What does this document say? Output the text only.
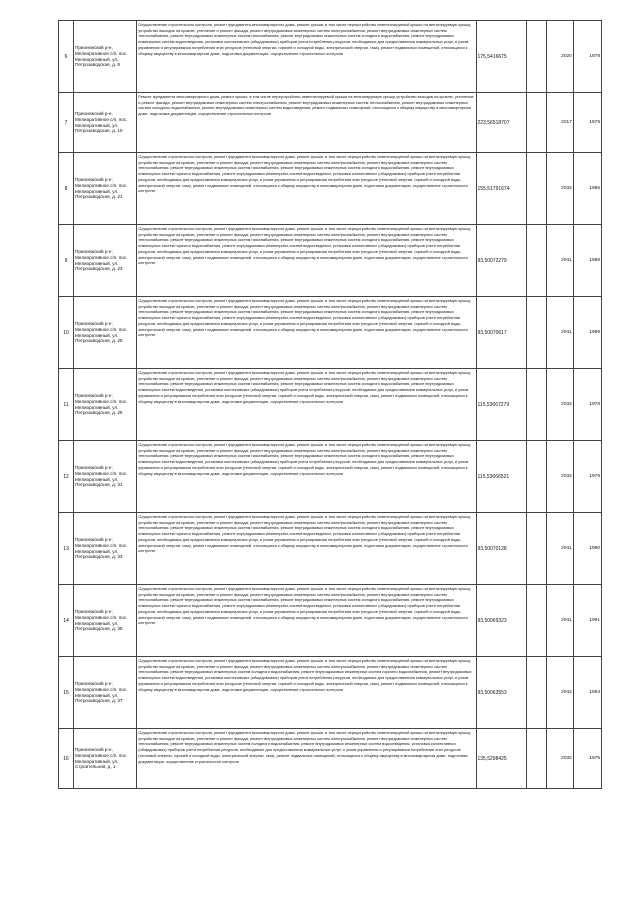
6	Прионежский р-н, Мелиоративное с/п, пос. Мелиоративный, ул. Петрозаводская, д. 8	Осуществление строительного контроля, ремонт фундамента многоквартирного дома, ремонт крыши, в том числе переустройство невентилируемой крыши на вентилируемую крышу, устройство выходов на кровлю, утепление и ремонт фасада, ремонт внутридомовых инженерных систем электроснабжения, ремонт внутридомовых инженерных систем теплоснабжения, ремонт внутридомовых инженерных систем газоснабжения, ремонт внутридомовых инженерных систем холодного водоснабжения, ремонт внутридомовых инженерных систем водоотведения, установка коллективных (общедомовых) приборов учета потребления ресурсов, необходимых для предоставления коммунальных услуг, и узлов управления и регулирования потребления этих ресурсов (тепловой энергии, горячей и холодной воды, электрической энергии, газа), ремонт подвальных помещений, относящихся к общему имуществу в многоквартирном доме, подготовка документации, осуществление строительного контроля	175,5416675		2020	1979
7	Прионежский р-н, Мелиоративное с/п, пос. Мелиоративный, ул. Петрозаводская, д. 10	Ремонт фундамента многоквартирного дома, ремонт крыши, в том числе переустройство невентилируемой крыши на вентилируемую крышу, устройство выходов на кровлю, утепление и ремонт фасада, ремонт внутридомовых инженерных систем электроснабжения, ремонт внутридомовых инженерных систем теплоснабжения, ремонт внутридомовых инженерных систем холодного водоснабжения, ремонт внутридомовых инженерных систем водоотведения, ремонт подвальных помещений, относящихся к общему имуществу в многоквартирном доме, подготовка документации, осуществление строительного контроля	223,56518707		2017	1979
8	Прионежский р-н, Мелиоративное с/п, пос. Мелиоративный, ул. Петрозаводская, д. 21	Осуществление строительного контроля, ремонт фундамента многоквартирного дома, ремонт крыши, в том числе переустройство невентилируемой крыши на вентилируемую крышу, устройство выходов на кровлю, утепление и ремонт фасада, ремонт внутридомовых инженерных систем электроснабжения, ремонт внутридомовых инженерных систем теплоснабжения, ремонт внутридомовых инженерных систем газоснабжения, ремонт внутридомовых инженерных систем холодного водоснабжения, ремонт внутридомовых инженерных систем горячего водоснабжения, ремонт внутридомовых инженерных систем водоотведения, установка коллективных (общедомовых) приборов учета потребления ресурсов, необходимых для предоставления коммунальных услуг, и узлов управления и регулирования потребления этих ресурсов (тепловой энергии, горячей и холодной воды, электрической энергии, газа), ремонт подвальных помещений, относящихся к общему имуществу в многоквартирном доме, подготовка документации, осуществление строительного контроля	155,51791674		2032	1985
9	Прионежский р-н, Мелиоративное с/п, пос. Мелиоративный, ул. Петрозаводская, д. 23	Осуществление строительного контроля, ремонт фундамента многоквартирного дома, ремонт крыши, в том числе переустройство невентилируемой крыши на вентилируемую крышу, устройство выходов на кровлю, утепление и ремонт фасада, ремонт внутридомовых инженерных систем электроснабжения, ремонт внутридомовых инженерных систем теплоснабжения, ремонт внутридомовых инженерных систем газоснабжения, ремонт внутридомовых инженерных систем холодного водоснабжения, ремонт внутридомовых инженерных систем горячего водоснабжения, ремонт внутридомовых инженерных систем водоотведения, установка коллективных (общедомовых) приборов учета потребления ресурсов, необходимых для предоставления коммунальных услуг, и узлов управления и регулирования потребления этих ресурсов (тепловой энергии, горячей и холодной воды, электрической энергии, газа), ремонт подвальных помещений, относящихся к общему имуществу в многоквартирном доме, подготовка документации, осуществление строительного контроля	93,50072279		2041	1988
10	Прионежский р-н, Мелиоративное с/п, пос. Мелиоративный, ул. Петрозаводская, д. 25	Осуществление строительного контроля, ремонт фундамента многоквартирного дома, ремонт крыши, в том числе переустройство невентилируемой крыши на вентилируемую крышу, устройство выходов на кровлю, утепление и ремонт фасада, ремонт внутридомовых инженерных систем электроснабжения, ремонт внутридомовых инженерных систем теплоснабжения, ремонт внутридомовых инженерных систем газоснабжения, ремонт внутридомовых инженерных систем холодного водоснабжения, ремонт внутридомовых инженерных систем горячего водоснабжения, ремонт внутридомовых инженерных систем водоотведения, установка коллективных (общедомовых) приборов учета потребления ресурсов, необходимых для предоставления коммунальных услуг, и узлов управления и регулирования потребления этих ресурсов (тепловой энергии, горячей и холодной воды, электрической энергии, газа), ремонт подвальных помещений, относящихся к общему имуществу в многоквартирном доме, подготовка документации, осуществление строительного контроля	93,50070617		2041	1989
11	Прионежский р-н, Мелиоративное с/п, пос. Мелиоративный, ул. Петрозаводская, д. 29	Осуществление строительного контроля, ремонт фундамента многоквартирного дома, ремонт крыши, в том числе переустройство невентилируемой крыши на вентилируемую крышу, устройство выходов на кровлю, утепление и ремонт фасада, ремонт внутридомовых инженерных систем электроснабжения, ремонт внутридомовых инженерных систем теплоснабжения, ремонт внутридомовых инженерных систем газоснабжения, ремонт внутридомовых инженерных систем холодного водоснабжения, ремонт внутридомовых инженерных систем водоотведения, установка коллективных (общедомовых) приборов учета потребления ресурсов, необходимых для предоставления коммунальных услуг, и узлов управления и регулирования потребления этих ресурсов (тепловой энергии, горячей и холодной воды, электрической энергии, газа), ремонт подвальных помещений, относящихся к общему имуществу в многоквартирном доме, подготовка документации, осуществление строительного контроля	115,53667279		2032	1978
12	Прионежский р-н, Мелиоративное с/п, пос. Мелиоративный, ул. Петрозаводская, д. 31	Осуществление строительного контроля, ремонт фундамента многоквартирного дома, ремонт крыши, в том числе переустройство невентилируемой крыши на вентилируемую крышу, устройство выходов на кровлю, утепление и ремонт фасада, ремонт внутридомовых инженерных систем электроснабжения, ремонт внутридомовых инженерных систем теплоснабжения, ремонт внутридомовых инженерных систем газоснабжения, ремонт внутридомовых инженерных систем холодного водоснабжения, ремонт внутридомовых инженерных систем водоотведения, установка коллективных (общедомовых) приборов учета потребления ресурсов, необходимых для предоставления коммунальных услуг, и узлов управления и регулирования потребления этих ресурсов (тепловой энергии, горячей и холодной воды, электрической энергии, газа), ремонт подвальных помещений, относящихся к общему имуществу в многоквартирном доме, подготовка документации, осуществление строительного контроля	115,53666521		2032	1979
13	Прионежский р-н, Мелиоративное с/п, пос. Мелиоративный, ул. Петрозаводская, д. 33	Осуществление строительного контроля, ремонт фундамента многоквартирного дома, ремонт крыши, в том числе переустройство невентилируемой крыши на вентилируемую крышу, устройство выходов на кровлю, утепление и ремонт фасада, ремонт внутридомовых инженерных систем электроснабжения, ремонт внутридомовых инженерных систем теплоснабжения, ремонт внутридомовых инженерных систем газоснабжения, ремонт внутридомовых инженерных систем холодного водоснабжения, ремонт внутридомовых инженерных систем горячего водоснабжения, ремонт внутридомовых инженерных систем водоотведения, установка коллективных (общедомовых) приборов учета потребления ресурсов, необходимых для предоставления коммунальных услуг, и узлов управления и регулирования потребления этих ресурсов (тепловой энергии, горячей и холодной воды, электрической энергии, газа), ремонт подвальных помещений, относящихся к общему имуществу в многоквартирном доме, подготовка документации, осуществление строительного контроля	93,50070128		2041	1990
14	Прионежский р-н, Мелиоративное с/п, пос. Мелиоративный, ул. Петрозаводская, д. 35	Осуществление строительного контроля, ремонт фундамента многоквартирного дома, ремонт крыши, в том числе переустройство невентилируемой крыши на вентилируемую крышу, устройство выходов на кровлю, утепление и ремонт фасада, ремонт внутридомовых инженерных систем электроснабжения, ремонт внутридомовых инженерных систем теплоснабжения, ремонт внутридомовых инженерных систем газоснабжения, ремонт внутридомовых инженерных систем холодного водоснабжения, ремонт внутридомовых инженерных систем горячего водоснабжения, ремонт внутридомовых инженерных систем водоотведения, установка коллективных (общедомовых) приборов учета потребления ресурсов, необходимых для предоставления коммунальных услуг, и узлов управления и регулирования потребления этих ресурсов (тепловой энергии, горячей и холодной воды, электрической энергии, газа), ремонт подвальных помещений, относящихся к общему имуществу в многоквартирном доме, подготовка документации, осуществление строительного контроля	93,50069323		2041	1991
15	Прионежский р-н, Мелиоративное с/п, пос. Мелиоративный, ул. Петрозаводская, д. 37	Осуществление строительного контроля, ремонт фундамента многоквартирного дома, ремонт крыши, в том числе переустройство невентилируемой крыши на вентилируемую крышу, устройство выходов на кровлю, утепление и ремонт фасада, ремонт внутридомовых инженерных систем электроснабжения, ремонт внутридомовых инженерных систем теплоснабжения, ремонт внутридомовых инженерных систем холодного водоснабжения, ремонт внутридомовых инженерных систем горячего водоснабжения, ремонт внутридомовых инженерных систем водоотведения, установка коллективных (общедомовых) приборов учета потребления ресурсов, необходимых для предоставления коммунальных услуг, и узлов управления и регулирования потребления этих ресурсов (тепловой энергии, горячей и холодной воды, электрической энергии, газа), ремонт подвальных помещений, относящихся к общему имуществу в многоквартирном доме, подготовка документации, осуществление строительного контроля	93,50063553		2042	1994
16	Прионежский р-н, Мелиоративное с/п, пос. Мелиоративный, ул. Строительная, д. 1	Осуществление строительного контроля, ремонт фундамента многоквартирного дома, ремонт крыши, в том числе переустройство невентилируемой крыши на вентилируемую крышу, устройство выходов на кровлю, утепление и ремонт фасада, ремонт внутридомовых инженерных систем электроснабжения, ремонт внутридомовых инженерных систем теплоснабжения, ремонт внутридомовых инженерных систем холодного водоснабжения, ремонт внутридомовых инженерных систем водоотведения, установка коллективных (общедомовых) приборов учета потребления ресурсов, необходимых для предоставления коммунальных услуг, и узлов управления и регулирования потребления этих ресурсов (тепловой энергии, горячей и холодной воды, электрической энергии, газа), ремонт подвальных помещений, относящихся к общему имуществу в многоквартирном доме, подготовка документации, осуществление строительного контроля	135,5298425		2032	1975
